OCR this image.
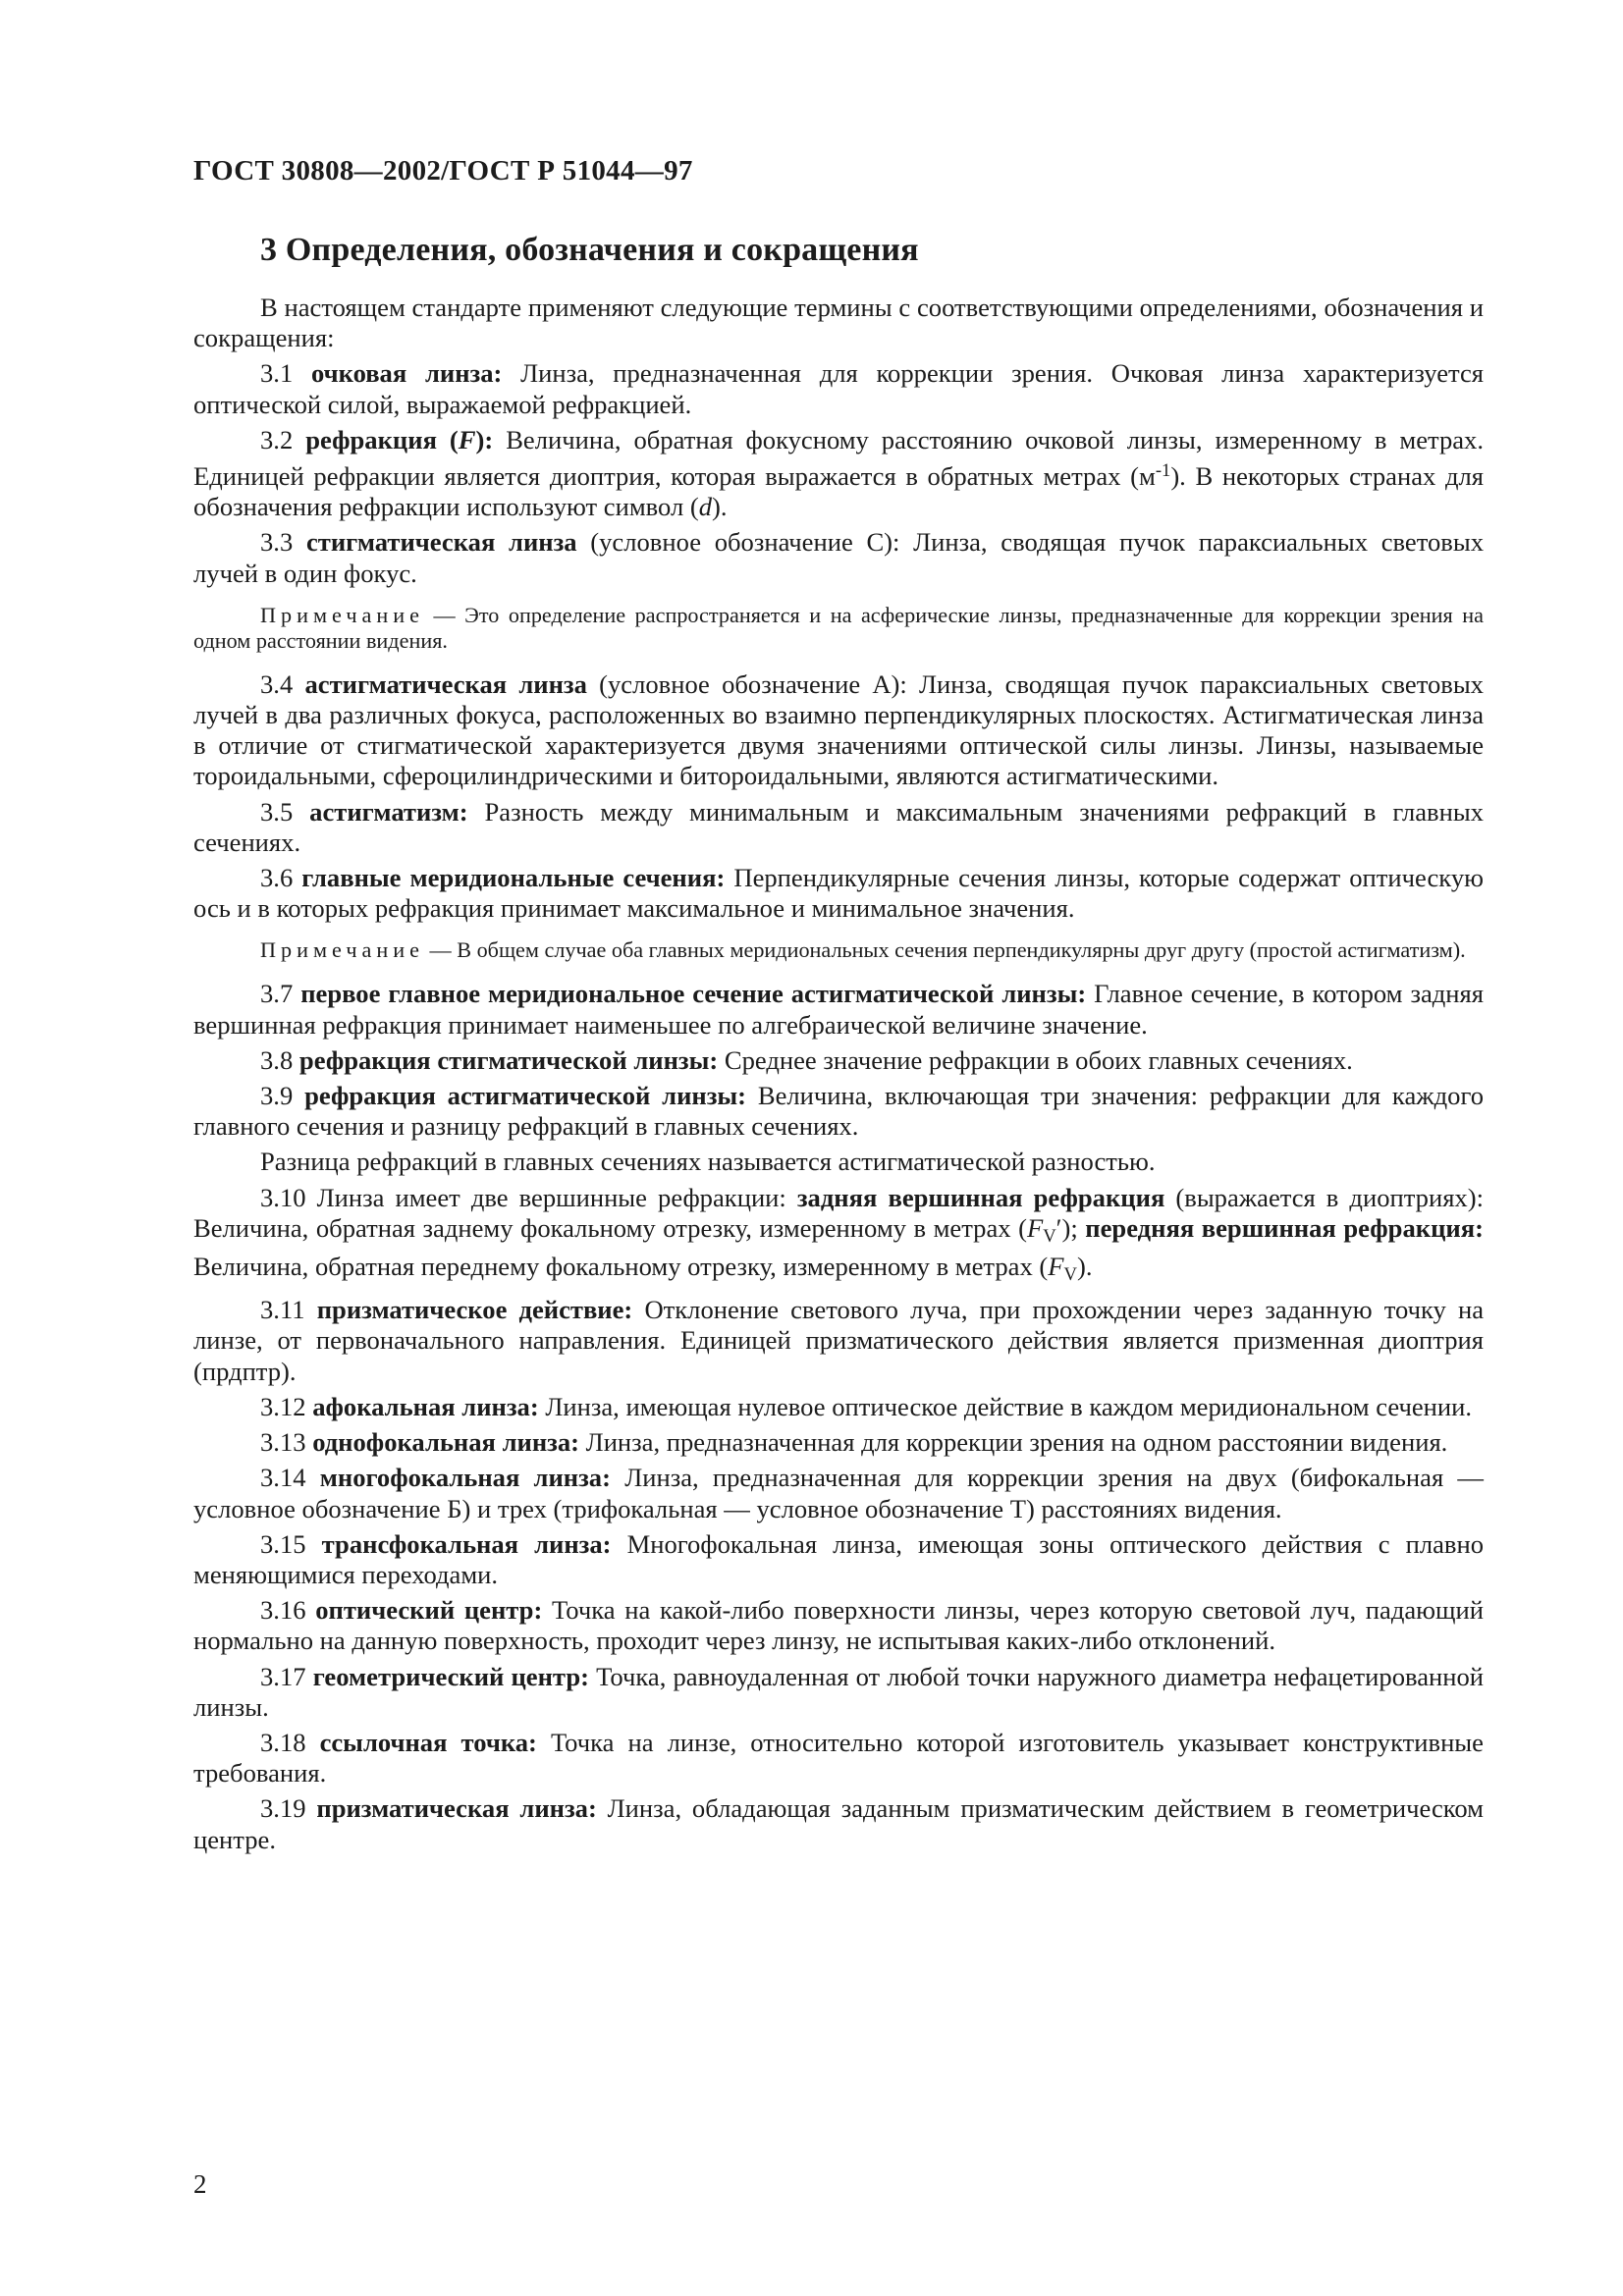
ГОСТ 30808—2002/ГОСТ Р 51044—97
3 Определения, обозначения и сокращения

В настоящем стандарте применяют следующие термины с соответствующими определениями, обозначения и сокращения:

3.1 очковая линза: Линза, предназначенная для коррекции зрения. Очковая линза характеризуется оптической силой, выражаемой рефракцией.

3.2 рефракция (F): Величина, обратная фокусному расстоянию очковой линзы, измеренному в метрах. Единицей рефракции является диоптрия, которая выражается в обратных метрах $(м^{-1})$. В некоторых странах для обозначения рефракции используют символ (d).

3.3 стигматическая линза (условное обозначение С): Линза, сводящая пучок параксиальных световых лучей в один фокус.

Примечание — Это определение распространяется и на асферические линзы, предназначенные для коррекции зрения на одном расстоянии видения.

3.4 астигматическая линза (условное обозначение А): Линза, сводящая пучок параксиальных световых лучей в два различных фокуса, расположенных во взаимно перпендикулярных плоскостях. Астигматическая линза в отличие от стигматической характеризуется двумя значениями оптической силы линзы. Линзы, называемые тороидальными, сфероцилиндрическими и битороидальными, являются астигматическими.

3.5 астигматизм: Разность между минимальным и максимальным значениями рефракций в главных сечениях.

3.6 главные меридиональные сечения: Перпендикулярные сечения линзы, которые содержат оптическую ось и в которых рефракция принимает максимальное и минимальное значения.

Примечание — В общем случае оба главных меридиональных сечения перпендикулярны друг другу (простой астигматизм).

3.7 первое главное меридиональное сечение астигматической линзы: Главное сечение, в котором задняя вершинная рефракция принимает наименьшее по алгебраической величине значение.

3.8 рефракция стигматической линзы: Среднее значение рефракции в обоих главных сечениях.

3.9 рефракция астигматической линзы: Величина, включающая три значения: рефракции для каждого главного сечения и разницу рефракций в главных сечениях.

Разница рефракций в главных сечениях называется астигматической разностью.

3.10 Линза имеет две вершинные рефракции: задняя вершинная рефракция (выражается в диоптриях): Величина, обратная заднему фокальному отрезку, измеренному в метрах $(F_V')$; передняя вершинная рефракция: Величина, обратная переднему фокальному отрезку, измеренному в метрах $(F_V)$.

3.11 призматическое действие: Отклонение светового луча, при прохождении через заданную точку на линзе, от первоначального направления. Единицей призматического действия является призменная диоптрия (прдптр).

3.12 афокальная линза: Линза, имеющая нулевое оптическое действие в каждом меридиональном сечении.

3.13 однофокальная линза: Линза, предназначенная для коррекции зрения на одном расстоянии видения.

3.14 многофокальная линза: Линза, предназначенная для коррекции зрения на двух (бифокальная — условное обозначение Б) и трех (трифокальная — условное обозначение Т) расстояниях видения.

3.15 трансфокальная линза: Многофокальная линза, имеющая зоны оптического действия с плавно меняющимися переходами.

3.16 оптический центр: Точка на какой-либо поверхности линзы, через которую световой луч, падающий нормально на данную поверхность, проходит через линзу, не испытывая каких-либо отклонений.

3.17 геометрический центр: Точка, равноудаленная от любой точки наружного диаметра нефацетированной линзы.

3.18 ссылочная точка: Точка на линзе, относительно которой изготовитель указывает конструктивные требования.

3.19 призматическая линза: Линза, обладающая заданным призматическим действием в геометрическом центре.

2
